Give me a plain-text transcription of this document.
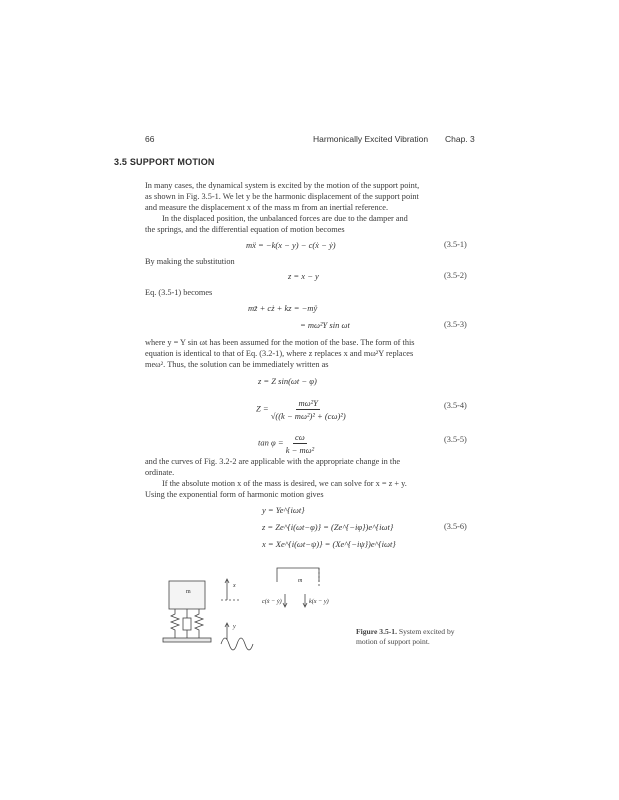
66	Harmonically Excited Vibration Chap. 3
3.5 SUPPORT MOTION
In many cases, the dynamical system is excited by the motion of the support point,
as shown in Fig. 3.5-1. We let y be the harmonic displacement of the support point
and measure the displacement x of the mass m from an inertial reference.
In the displaced position, the unbalanced forces are due to the damper and
the springs, and the differential equation of motion becomes
mẍ = −k(x − y) − c(ẋ − ẏ)	(3.5-1)
By making the substitution
z = x − y	(3.5-2)
Eq. (3.5-1) becomes
mz̈ + cż + kz = −mÿ
= mω²Y sin ωt	(3.5-3)
where y = Y sin ωt has been assumed for the motion of the base. The form of this
equation is identical to that of Eq. (3.2-1), where z replaces x and mω²Y replaces
meω². Thus, the solution can be immediately written as
z = Z sin(ωt − φ)
$Z = \frac{\text{mω²Y}}{\text{√((k − mω²)² + (cω)²)}}$	(3.5-4)
$\tan \varphi = \frac{c\omega}{\text{k − mω²}}$	(3.5-5)
and the curves of Fig. 3.2-2 are applicable with the appropriate change in the
ordinate.
If the absolute motion x of the mass is desired, we can solve for x = z + y.
Using the exponential form of harmonic motion gives
y = Ye^{iωt}
z = Ze^{i(ωt−φ)} = (Ze^{−iφ})e^{iωt}	(3.5-6)
x = Xe^{i(ωt−ψ)} = (Xe^{−iψ})e^{iωt}
m
x
y
m
c(ẋ − ẏ)	k(x − y)
Figure 3.5-1. System excited by
motion of support point.
